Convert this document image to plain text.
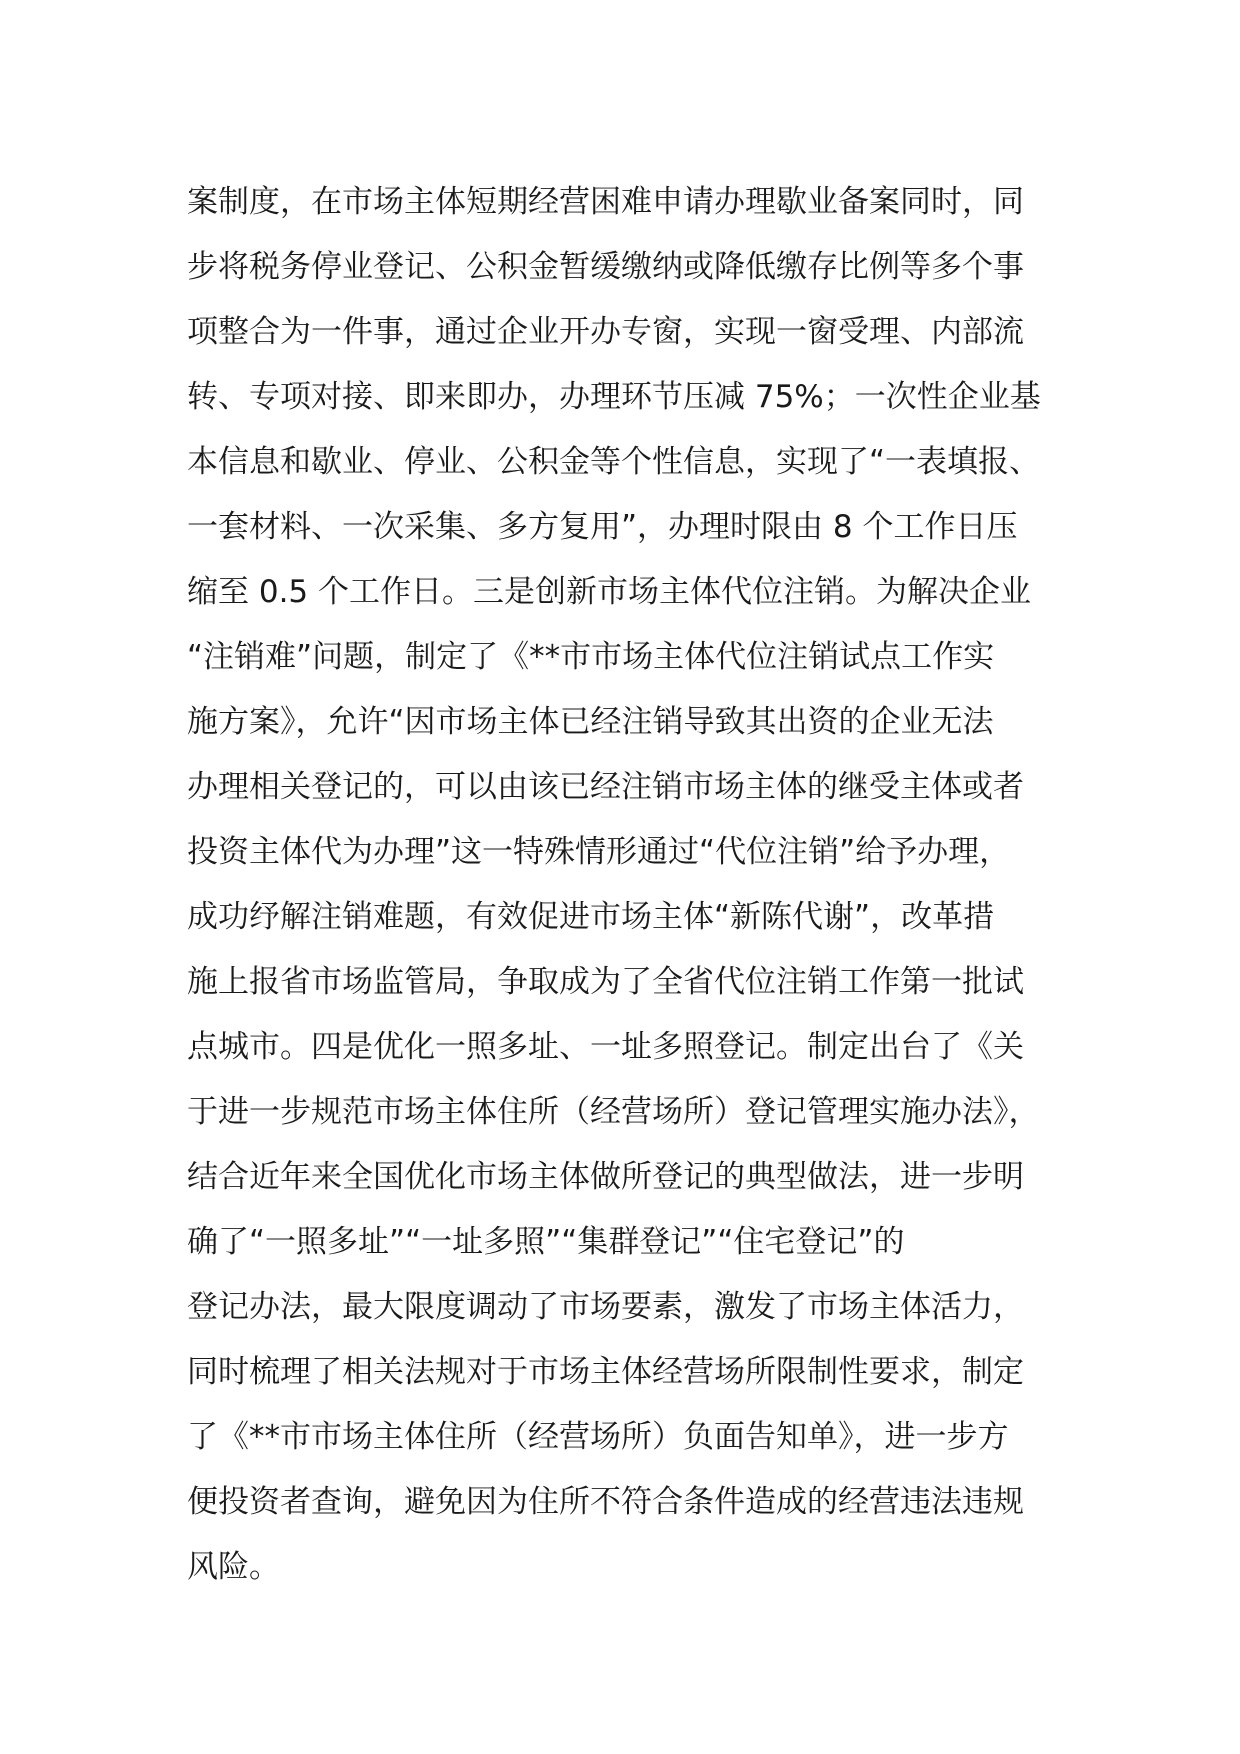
案制度，在市场主体短期经营困难申请办理歇业备案同时，同
步将税务停业登记、公积金暂缓缴纳或降低缴存比例等多个事
项整合为一件事，通过企业开办专窗，实现一窗受理、内部流
转、专项对接、即来即办，办理环节压减 75%；一次性企业基
本信息和歇业、停业、公积金等个性信息，实现了“一表填报、
一套材料、一次采集、多方复用”，办理时限由 8 个工作日压
缩至 0.5 个工作日。三是创新市场主体代位注销。为解决企业
“注销难”问题，制定了《**市市场主体代位注销试点工作实
施方案》，允许“因市场主体已经注销导致其出资的企业无法
办理相关登记的，可以由该已经注销市场主体的继受主体或者
投资主体代为办理”这一特殊情形通过“代位注销”给予办理，
成功纾解注销难题，有效促进市场主体“新陈代谢”，改革措
施上报省市场监管局，争取成为了全省代位注销工作第一批试
点城市。四是优化一照多址、一址多照登记。制定出台了《关
于进一步规范市场主体住所（经营场所）登记管理实施办法》，
结合近年来全国优化市场主体做所登记的典型做法，进一步明
确了“一照多址”“一址多照”“集群登记”“住宅登记”的
登记办法，最大限度调动了市场要素，激发了市场主体活力，
同时梳理了相关法规对于市场主体经营场所限制性要求，制定
了《**市市场主体住所（经营场所）负面告知单》，进一步方
便投资者查询，避免因为住所不符合条件造成的经营违法违规
风险。
